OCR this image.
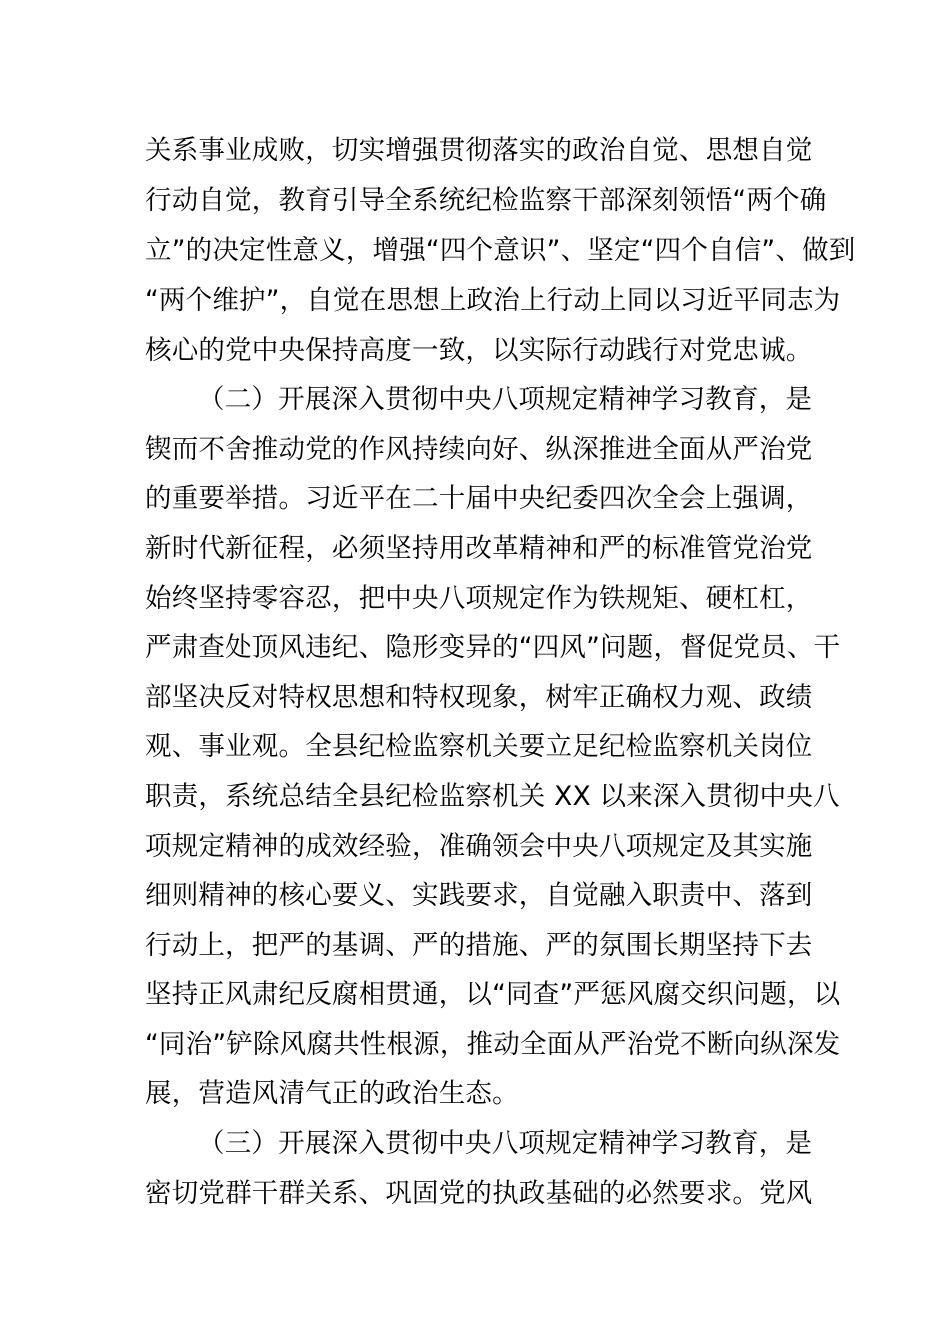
关系事业成败，切实增强贯彻落实的政治自觉、思想自觉
行动自觉，教育引导全系统纪检监察干部深刻领悟“两个确
立”的决定性意义，增强“四个意识”、坚定“四个自信”、做到
“两个维护”，自觉在思想上政治上行动上同以习近平同志为
核心的党中央保持高度一致，以实际行动践行对党忠诚。
（二）开展深入贯彻中央八项规定精神学习教育，是
锲而不舍推动党的作风持续向好、纵深推进全面从严治党
的重要举措。习近平在二十届中央纪委四次全会上强调，
新时代新征程，必须坚持用改革精神和严的标准管党治党
始终坚持零容忍，把中央八项规定作为铁规矩、硬杠杠，
严肃查处顶风违纪、隐形变异的“四风”问题，督促党员、干
部坚决反对特权思想和特权现象，树牢正确权力观、政绩
观、事业观。全县纪检监察机关要立足纪检监察机关岗位
职责，系统总结全县纪检监察机关 XX 以来深入贯彻中央八
项规定精神的成效经验，准确领会中央八项规定及其实施
细则精神的核心要义、实践要求，自觉融入职责中、落到
行动上，把严的基调、严的措施、严的氛围长期坚持下去
坚持正风肃纪反腐相贯通，以“同查”严惩风腐交织问题，以
“同治”铲除风腐共性根源，推动全面从严治党不断向纵深发
展，营造风清气正的政治生态。
（三）开展深入贯彻中央八项规定精神学习教育，是
密切党群干群关系、巩固党的执政基础的必然要求。党风
